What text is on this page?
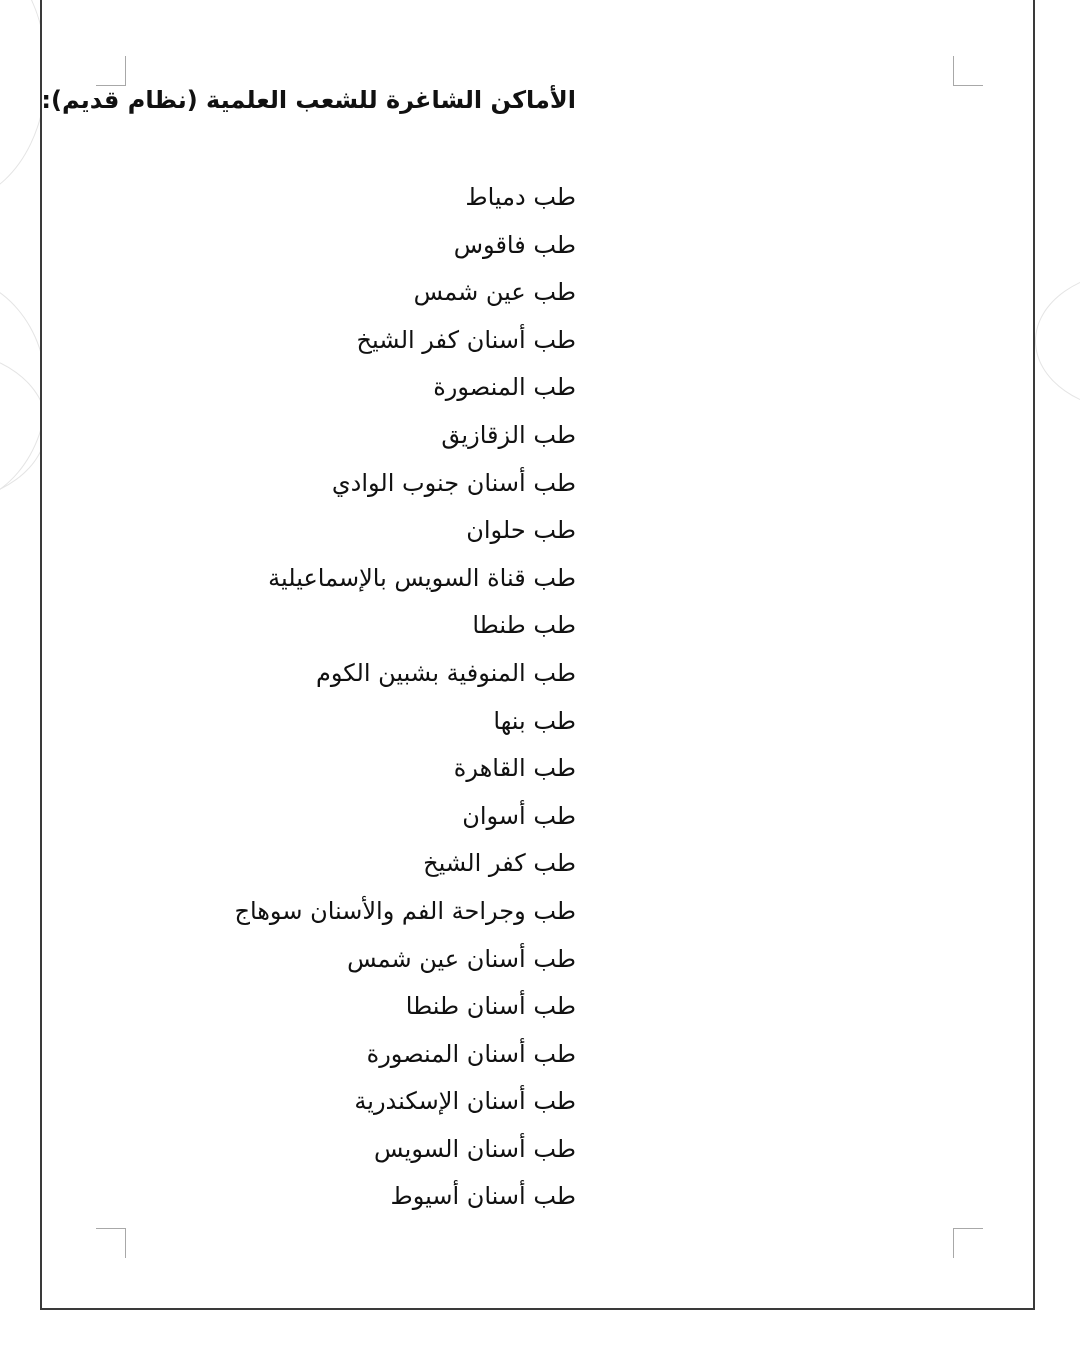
الأماكن الشاغرة للشعب العلمية (نظام قديم):
طب دمياط
طب فاقوس
طب عين شمس
طب أسنان كفر الشيخ
طب المنصورة
طب الزقازيق
طب أسنان جنوب الوادي
طب حلوان
طب قناة السويس بالإسماعيلية
طب طنطا
طب المنوفية بشبين الكوم
طب بنها
طب القاهرة
طب أسوان
طب كفر الشيخ
طب وجراحة الفم والأسنان سوهاج
طب أسنان عين شمس
طب أسنان طنطا
طب أسنان المنصورة
طب أسنان الإسكندرية
طب أسنان السويس
طب أسنان أسيوط
